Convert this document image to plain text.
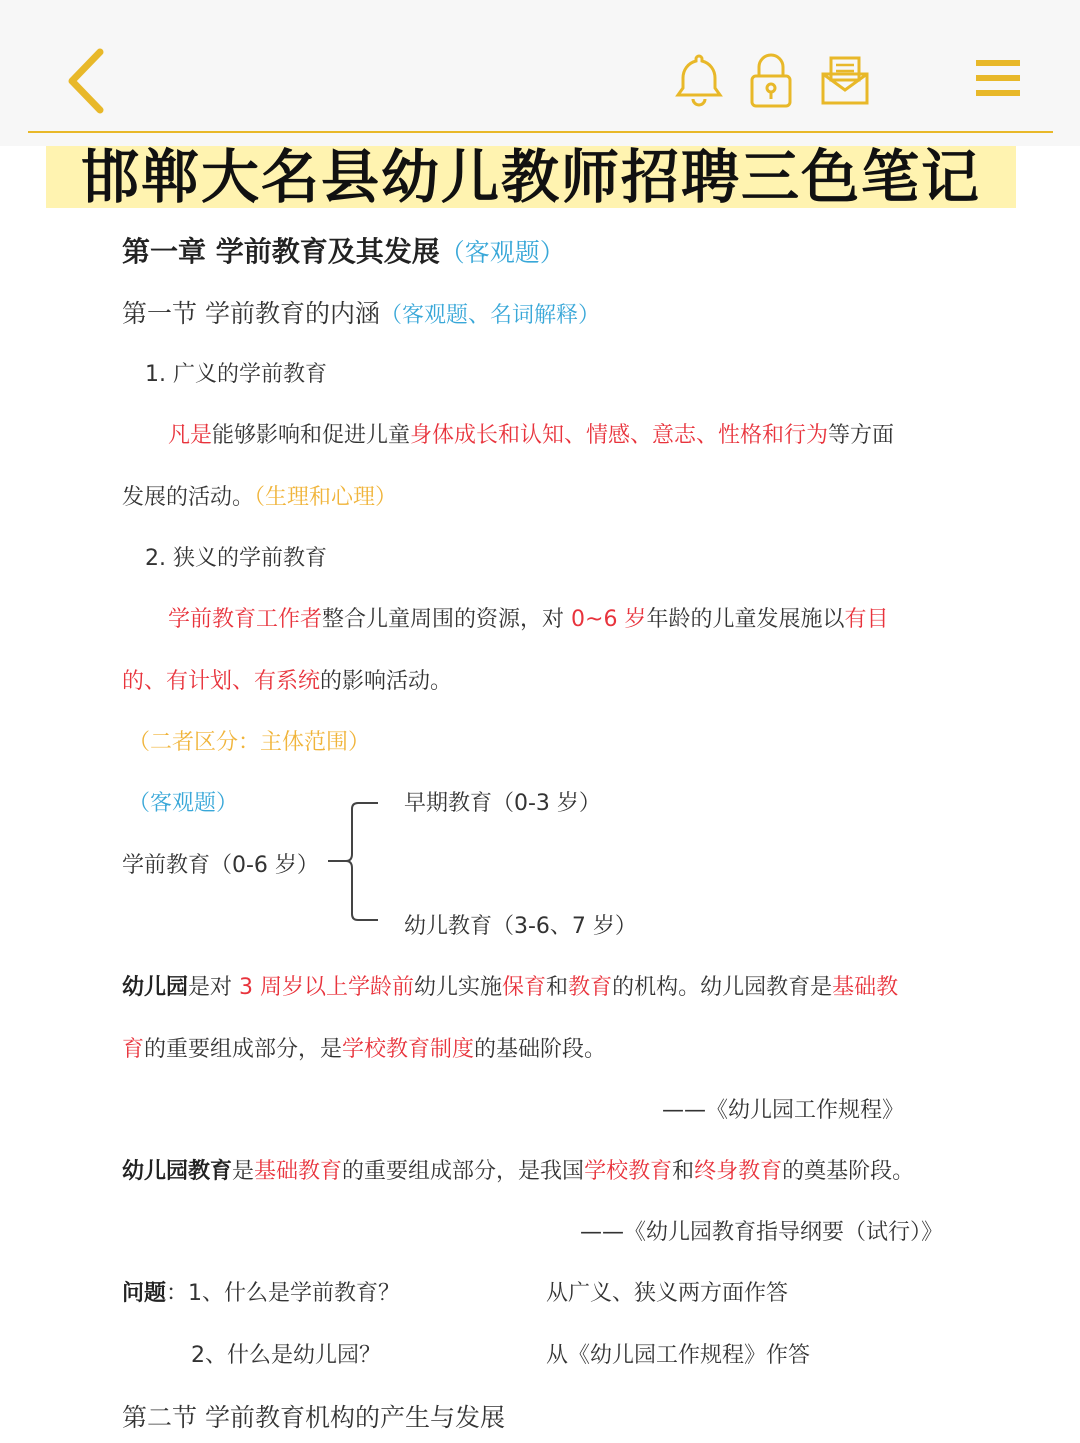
邯郸大名县幼儿教师招聘三色笔记
第一章 学前教育及其发展（客观题）
第一节 学前教育的内涵（客观题、名词解释）
1. 广义的学前教育
凡是能够影响和促进儿童身体成长和认知、情感、意志、性格和行为等方面
发展的活动。（生理和心理）
2. 狭义的学前教育
学前教育工作者整合儿童周围的资源，对 0~6 岁年龄的儿童发展施以有目
的、有计划、有系统的影响活动。
（二者区分：主体范围）
（客观题）
学前教育（0-6 岁）
早期教育（0-3 岁）
幼儿教育（3-6、7 岁）
幼儿园是对 3 周岁以上学龄前幼儿实施保育和教育的机构。幼儿园教育是基础教
育的重要组成部分，是学校教育制度的基础阶段。
——《幼儿园工作规程》
幼儿园教育是基础教育的重要组成部分，是我国学校教育和终身教育的奠基阶段。
——《幼儿园教育指导纲要（试行）》
问题：1、什么是学前教育？	从广义、狭义两方面作答
2、什么是幼儿园？	从《幼儿园工作规程》作答
第二节 学前教育机构的产生与发展
